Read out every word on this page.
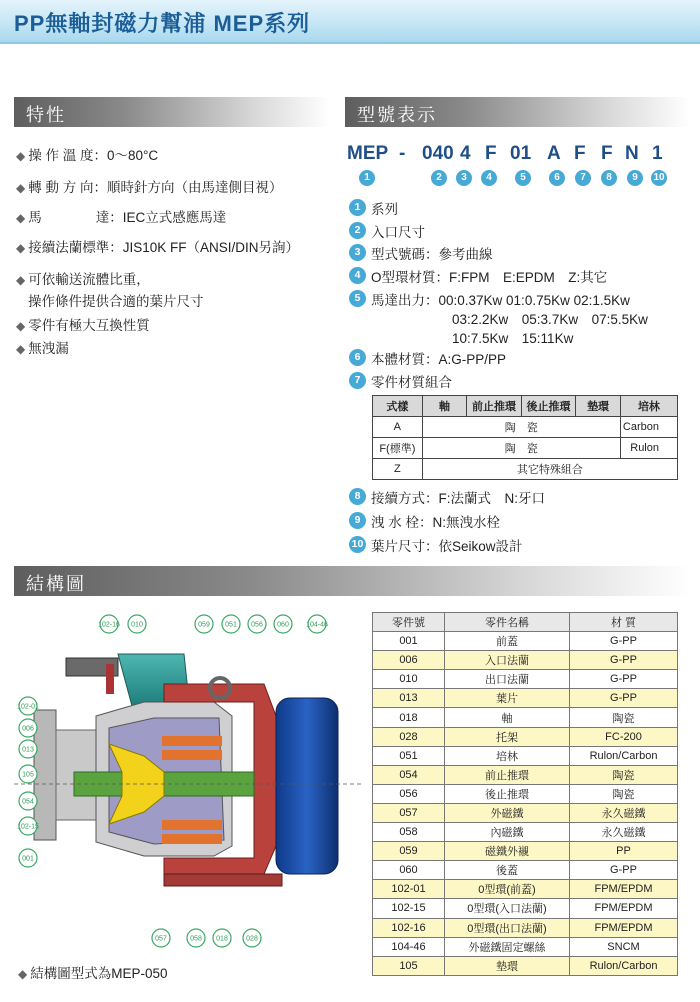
PP無軸封磁力幫浦 MEP系列
特性	型號表示
結構圖
◆ 操 作 溫 度：0～80°C
◆ 轉 動 方 向：順時針方向（由馬達側目視）
◆ 馬　　　　達：IEC立式感應馬達
◆ 接續法蘭標準：JIS10K FF（ANSI/DIN另詢）
◆ 可依輸送流體比重，
操作條件提供合適的葉片尺寸
◆ 零件有極大互換性質
◆ 無洩漏
MEP - 040 4 F 01 A F F N 1
1	2	3	4	5	6	7	8	9	10
1 系列
2 入口尺寸
3 型式號碼：參考曲線
4 O型環材質：F:FPM　E:EPDM　Z:其它
5 馬達出力：00:0.37Kw 01:0.75Kw 02:1.5Kw
03:2.2Kw　05:3.7Kw　07:5.5Kw
10:7.5Kw　15:11Kw
6 本體材質：A:G-PP/PP
7 零件材質組合
8 接續方式：F:法蘭式　N:牙口
9 洩 水 栓：N:無洩水栓
10 葉片尺寸：依Seikow設計
式樣	軸	前止推環	後止推環	墊環	培林
A	陶　瓷				Carbon
F(標準)	陶　瓷				Rulon
Z	其它特殊組合				
102-16 010	059 051 056 060 104-46
102-01
006
013
105
054
102-15
001
057	058 018	028
零件號	零件名稱	材 質
001	前蓋	G-PP
006	入口法蘭	G-PP
010	出口法蘭	G-PP
013	葉片	G-PP
018	軸	陶瓷
028	托架	FC-200
051	培林	Rulon/Carbon
054	前止推環	陶瓷
056	後止推環	陶瓷
057	外磁鐵	永久磁鐵
058	內磁鐵	永久磁鐵
059	磁鐵外襯	PP
060	後蓋	G-PP
102-01	0型環(前蓋)	FPM/EPDM
102-15	0型環(入口法蘭)	FPM/EPDM
102-16	0型環(出口法蘭)	FPM/EPDM
104-46	外磁鐵固定螺絲	SNCM
105	墊環	Rulon/Carbon
◆ 結構圖型式為MEP-050
